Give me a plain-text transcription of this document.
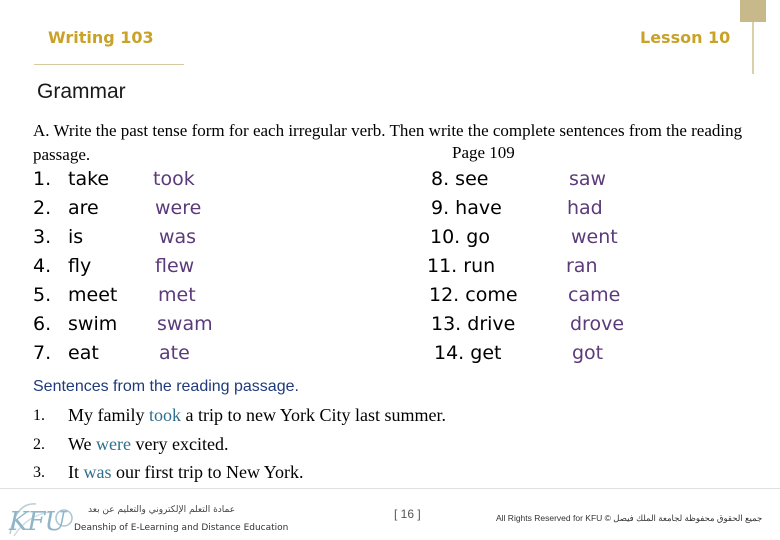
Writing 103	Lesson 10
Grammar
A. Write the past tense form for each irregular verb. Then write the complete sentences from the reading passage.	Page 109
1. take took
2. are	were
3. is	was
4. fly	flew
5. meet met
6. swim swam
7. eat	ate
8. see	saw
9. have	had
10. go	went
11. run	ran
12. come	came
13. drive	drove
14. get	got
Sentences from the reading passage.
1. My family took a trip to new York City last summer.
2. We were very excited.
3. It was our first trip to New York.
KFU	عمادة التعلم الإلكتروني والتعليم عن بعد
Deanship of E-Learning and Distance Education
[ 16 ]	All Rights Reserved for KFU © جميع الحقوق محفوظة لجامعة الملك فيصل
